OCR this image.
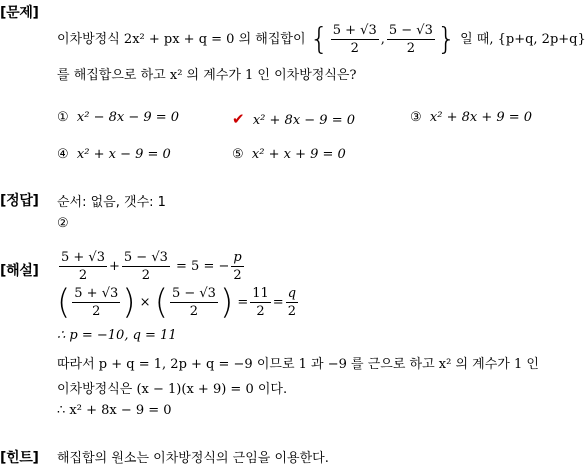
[문제]
이차방정식 2x² + px + q = 0 의 해집합이 { $\frac{5 + √3}{2}$ , $\frac{5 - √3}{2}$ } 일 때, {p+q, 2p+q}
를 해집합으로 하고 x² 의 계수가 1 인 이차방정식은?
① x² − 8x − 9 = 0	✔ x² + 8x − 9 = 0	③ x² + 8x + 9 = 0
④ x² + x − 9 = 0	⑤ x² + x + 9 = 0
[정답] 순서: 없음, 갯수: 1
②
[해설] $\frac{5 + √3}{2} + \frac{5 - √3}{2} = 5$ = − $\frac{p}{2}$
( $\frac{5 + √3}{2}$ ) × ( $\frac{5 - √3}{2}$ ) = $\frac{11}{2} = \frac{q}{2}$
∴ p = −10, q = 11
따라서 p + q = 1, 2p + q = −9 이므로 1 과 −9 를 근으로 하고 x² 의 계수가 1 인
이차방정식은 (x − 1)(x + 9) = 0 이다.
∴ x² + 8x − 9 = 0
[힌트] 해집합의 원소는 이차방정식의 근임을 이용한다.
